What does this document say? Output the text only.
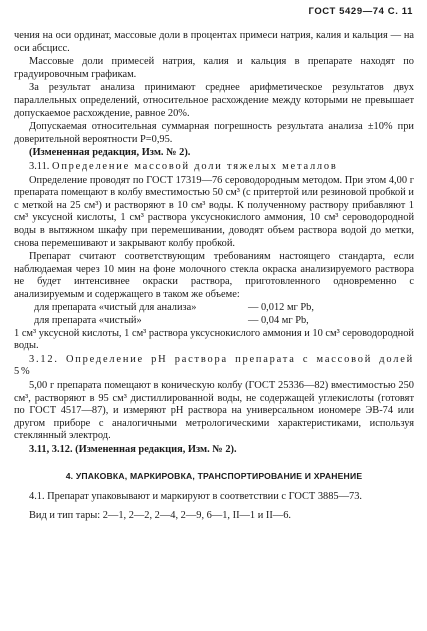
ГОСТ 5429—74 С. 11

чения на оси ординат, массовые доли в процентах примеси натрия, калия и кальция — на оси абсцисс.

Массовые доли примесей натрия, калия и кальция в препарате находят по градуировочным графикам.

За результат анализа принимают среднее арифметическое результатов двух параллельных определений, относительное расхождение между которыми не превышает допускаемое расхождение, равное 20%.

Допускаемая относительная суммарная погрешность результата анализа ±10% при доверительной вероятности P=0,95.

(Измененная редакция, Изм. № 2).

3.11. Определение массовой доли тяжелых металлов

Определение проводят по ГОСТ 17319—76 сероводородным методом. При этом 4,00 г препарата помещают в колбу вместимостью 50 см³ (с притертой или резиновой пробкой и с меткой на 25 см³) и растворяют в 10 см³ воды. К полученному раствору прибавляют 1 см³ уксусной кислоты, 1 см³ раствора уксуснокислого аммония, 10 см³ сероводородной воды в вытяжном шкафу при перемешивании, доводят объем раствора водой до метки, снова перемешивают и закрывают колбу пробкой.

Препарат считают соответствующим требованиям настоящего стандарта, если наблюдаемая через 10 мин на фоне молочного стекла окраска анализируемого раствора не будет интенсивнее окраски раствора, приготовленного одновременно с анализируемым и содержащего в таком же объеме:

для препарата «чистый для анализа»	— 0,012 мг Pb,
для препарата «чистый»	— 0,04 мг Pb,

1 см³ уксусной кислоты, 1 см³ раствора уксуснокислого аммония и 10 см³ сероводородной воды.

3.12. Определение pH раствора препарата с массовой долей 5%

5,00 г препарата помещают в коническую колбу (ГОСТ 25336—82) вместимостью 250 см³, растворяют в 95 см³ дистиллированной воды, не содержащей углекислоты (готовят по ГОСТ 4517—87), и измеряют pH раствора на универсальном иономере ЭВ-74 или другом приборе с аналогичными метрологическими характеристиками, используя стеклянный электрод.

3.11, 3.12. (Измененная редакция, Изм. № 2).

4. УПАКОВКА, МАРКИРОВКА, ТРАНСПОРТИРОВАНИЕ И ХРАНЕНИЕ

4.1. Препарат упаковывают и маркируют в соответствии с ГОСТ 3885—73.

Вид и тип тары: 2—1, 2—2, 2—4, 2—9, 6—1, II—1 и II—6.
